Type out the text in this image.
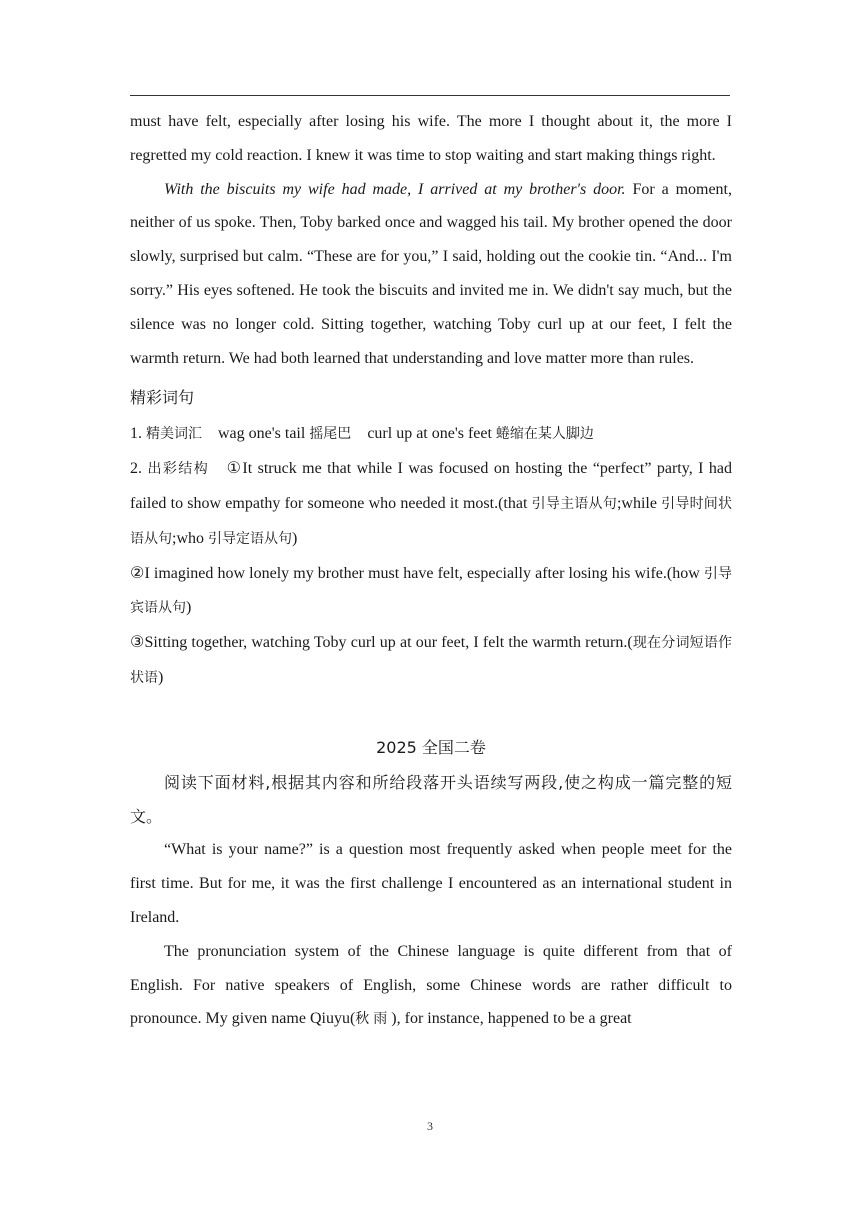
must have felt, especially after losing his wife. The more I thought about it, the more I regretted my cold reaction. I knew it was time to stop waiting and start making things right.

With the biscuits my wife had made, I arrived at my brother's door. For a moment, neither of us spoke. Then, Toby barked once and wagged his tail. My brother opened the door slowly, surprised but calm. “These are for you,” I said, holding out the cookie tin. “And... I'm sorry.” His eyes softened. He took the biscuits and invited me in. We didn't say much, but the silence was no longer cold. Sitting together, watching Toby curl up at our feet, I felt the warmth return. We had both learned that understanding and love matter more than rules.

精彩词句

1. 精美词汇 wag one's tail 摇尾巴 curl up at one's feet 蜷缩在某人脚边

2. 出彩结构 ①It struck me that while I was focused on hosting the “perfect” party, I had failed to show empathy for someone who needed it most.(that 引导主语从句;while 引导时间状语从句;who 引导定语从句)

②I imagined how lonely my brother must have felt, especially after losing his wife.(how 引导宾语从句)

③Sitting together, watching Toby curl up at our feet, I felt the warmth return.(现在分词短语作状语)

2025 全国二卷

阅读下面材料,根据其内容和所给段落开头语续写两段,使之构成一篇完整的短文。

“What is your name?” is a question most frequently asked when people meet for the first time. But for me, it was the first challenge I encountered as an international student in Ireland.

The pronunciation system of the Chinese language is quite different from that of English. For native speakers of English, some Chinese words are rather difficult to pronounce. My given name Qiuyu(秋雨), for instance, happened to be a great

3
